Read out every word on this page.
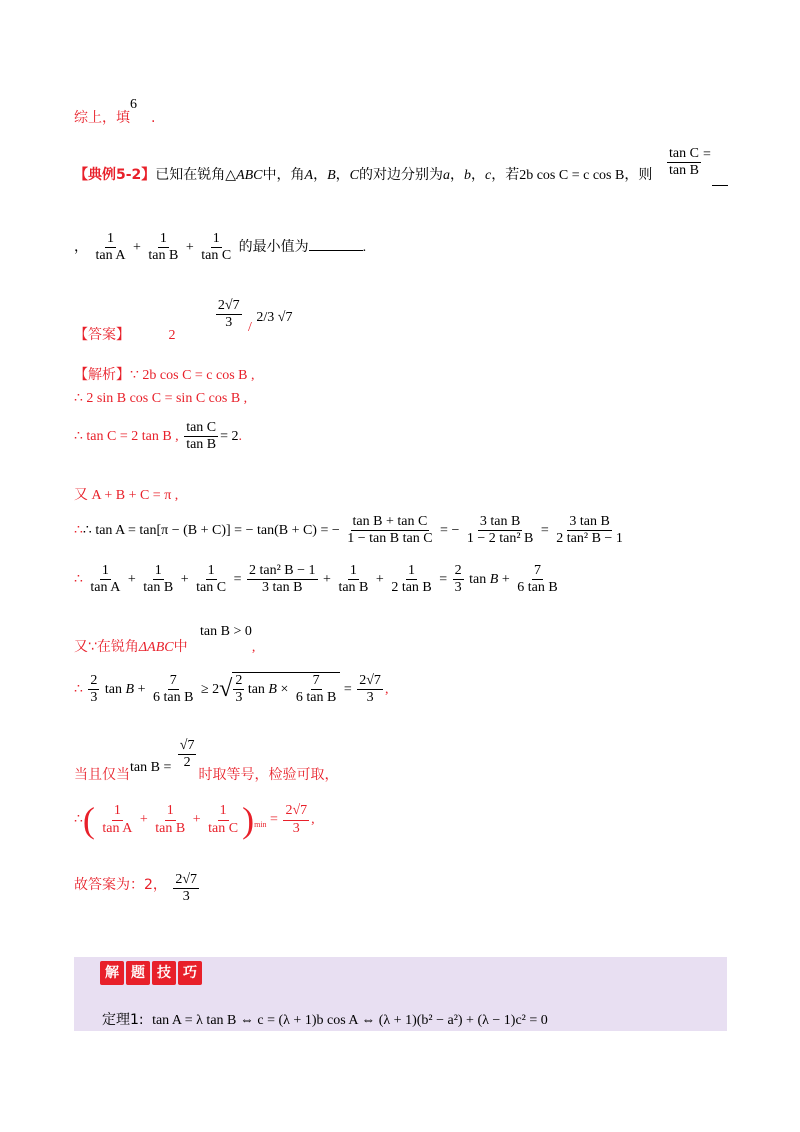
综上，填6.
【典例5-2】已知在锐角△ABC中，角A，B，C的对边分别为a，b，c，若2b cos C = c cos B，则 $\frac{\text{tan C}}{\text{tan B}}$ =
， $\frac{1}{\text{tan A}} + \frac{1}{\text{tan B}} + \frac{1}{\text{tan C}}$ 的最小值为	.
【答案】	2
$\frac{2√7}{3} / 2/3$ √7
【解析】∵ 2b cos C = c cos B ,
∴ 2 sin B cos C = sin C cos B ,
∴ tan C = 2 tan B , $\frac{\text{tan C}}{\text{tan B}} = 2$.
又 A + B + C = π ,
∴∴ tan A = tan[π − (B + C)] = − tan(B + C) = − $\frac{\text{tan B + tan C}}{\text{1 − tan B tan C}}$ = − $\frac{\text{3 tan B}}{\text{1 − 2 tan² B}} = \frac{\text{3 tan B}}{\text{2 tan² B − 1}}$
∴ $\frac{1}{\text{tan A}} + \frac{1}{\text{tan B}} + \frac{1}{\text{tan C}} = \frac{\text{2 tan² B − 1}}{\text{3 tan B}} + \frac{1}{\text{tan B}} + \frac{1}{\text{2 tan B}} = \frac{2}{3}$ $\tan B + \frac{7}{\text{6 tan B}}$
又∵在锐角ΔABC中
tan B > 0,
∴ $\frac{2}{3}$ $\tan B + \frac{7}{\text{6 tan B}} \ge 2√ \frac{2}{3}$ $\tan B \times \frac{7}{\text{6 tan B}} = \frac{2√7}{3}$ ,
当且仅当$\tan B = \frac{√7}{2}$
时取等号，检验可取，
∴( $\frac{1}{\text{tan A}} + \frac{1}{\text{tan B}} + \frac{1}{\text{tan C}} )_{min} = \frac{2√7}{3}$ ,
故答案为：2， $\frac{2√7}{3}$
解 题 技 巧
定理1: tan A = λ tan B ⇔ c = (λ + 1)b cos A ⇔ (λ + 1)(b² − a²) + (λ − 1)c² = 0
